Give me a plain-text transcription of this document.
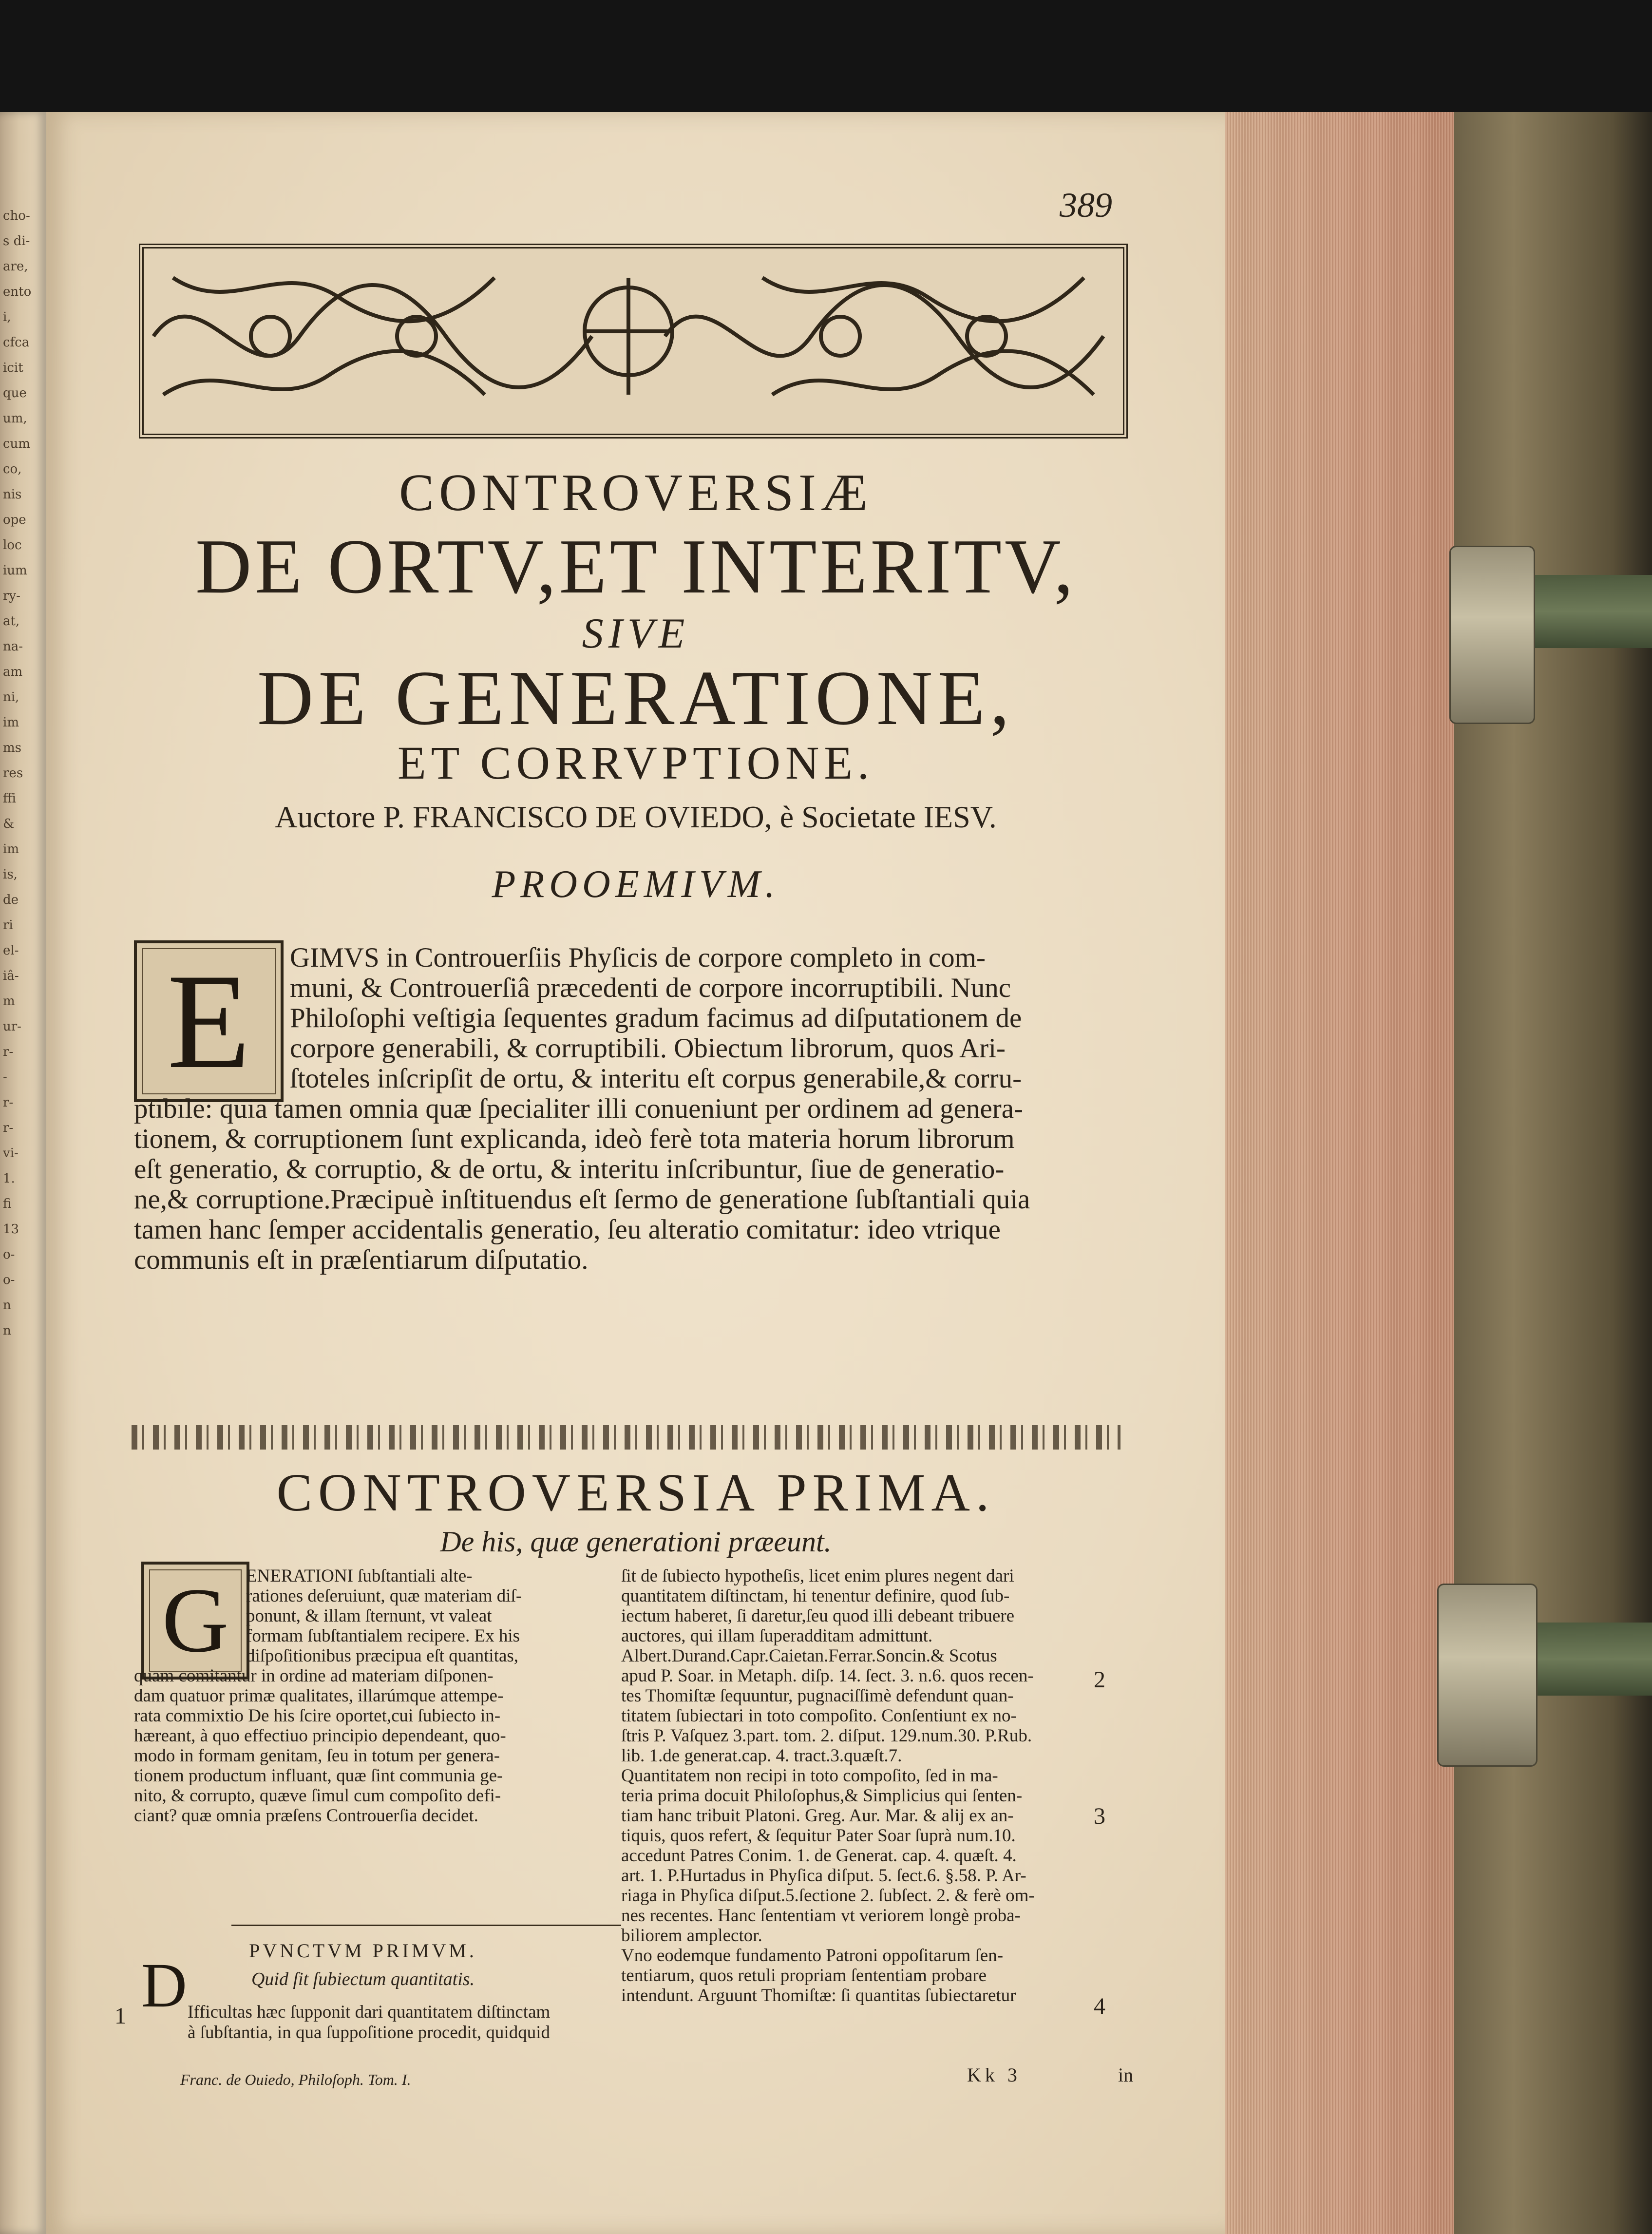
cho-
s di-
are,
ento
i,
cfca
icit
que
um,
cum
co,
nis
ope
loc
ium
ry-
at,
na-
am
ni,
im
ms
res
ffi
&
im
is,
de
ri
el-
iâ-
m
ur-
r-
-
r-
r-
vi-
1.
fi
13
o-
o-
n
n
389
CONTROVERSIÆ
DE ORTV,ET INTERITV,
SIVE
DE GENERATIONE,
ET CORRVPTIONE.
Auctore P. FRANCISCO DE OVIEDO, è Societate IESV.
PROOEMIVM.
E	GIMVS in Controuerſiis Phyſicis de corpore completo in com-
muni, & Controuerſiâ præcedenti de corpore incorruptibili. Nunc
Philoſophi veſtigia ſequentes gradum facimus ad diſputationem de
corpore generabili, & corruptibili. Obiectum librorum, quos Ari-
ſtoteles inſcripſit de ortu, & interitu eſt corpus generabile,& corru-
ptibile: quia tamen omnia quæ ſpecialiter illi conueniunt per ordinem ad genera-
tionem, & corruptionem ſunt explicanda, ideò ferè tota materia horum librorum
eſt generatio, & corruptio, & de ortu, & interitu inſcribuntur, ſiue de generatio-
ne,& corruptione.Præcipuè inſtituendus eſt ſermo de generatione ſubſtantiali quia
tamen hanc ſemper accidentalis generatio, ſeu alteratio comitatur: ideo vtrique
communis eſt in præſentiarum diſputatio.
CONTROVERSIA PRIMA.
De his, quæ generationi præeunt.
G ENERATIONI ſubſtantiali alte-
rationes deſeruiunt, quæ materiam diſ-
ponunt, & illam ſternunt, vt valeat
formam ſubſtantialem recipere. Ex his
diſpoſitionibus præcipua eſt quantitas,
quam comitantur in ordine ad materiam diſponen-
dam quatuor primæ qualitates, illarúmque attempe-
rata commixtio De his ſcire oportet,cui ſubiecto in-
hæreant, à quo effectiuo principio dependeant, quo-
modo in formam genitam, ſeu in totum per genera-
tionem productum influant, quæ ſint communia ge-
nito, & corrupto, quæve ſimul cum compoſito defi-
ciant? quæ omnia præſens Controuerſia decidet.
ſit de ſubiecto hypotheſis, licet enim plures negent dari
quantitatem diſtinctam, hi tenentur definire, quod ſub-
iectum haberet, ſi daretur,ſeu quod illi debeant tribuere
auctores, qui illam ſuperadditam admittunt.
Albert.Durand.Capr.Caietan.Ferrar.Soncin.& Scotus
apud P. Soar. in Metaph. diſp. 14. ſect. 3. n.6. quos recen-
tes Thomiſtæ ſequuntur, pugnaciſſimè defendunt quan-
titatem ſubiectari in toto compoſito. Conſentiunt ex no-
ſtris P. Vaſquez 3.part. tom. 2. diſput. 129.num.30. P.Rub.
lib. 1.de generat.cap. 4. tract.3.quæſt.7.
Quantitatem non recipi in toto compoſito, ſed in ma-
teria prima docuit Philoſophus,& Simplicius qui ſenten-
tiam hanc tribuit Platoni. Greg. Aur. Mar. & alij ex an-
tiquis, quos refert, & ſequitur Pater Soar ſuprà num.10.
accedunt Patres Conim. 1. de Generat. cap. 4. quæſt. 4.
art. 1. P.Hurtadus in Phyſica diſput. 5. ſect.6. §.58. P. Ar-
riaga in Phyſica diſput.5.ſectione 2. ſubſect. 2. & ferè om-
nes recentes. Hanc ſententiam vt veriorem longè proba-
biliorem amplector.
Vno eodemque fundamento Patroni oppoſitarum ſen-
tentiarum, quos retuli propriam ſententiam probare
intendunt. Arguunt Thomiſtæ: ſi quantitas ſubiectaretur
PVNCTVM PRIMVM.
Quid ſit ſubiectum quantitatis.
1 D Ifficultas hæc ſupponit dari quantitatem diſtinctam
à ſubſtantia, in qua ſuppoſitione procedit, quidquid
Franc. de Ouiedo, Philoſoph. Tom. I.
2
3
4
Kk 3	in
